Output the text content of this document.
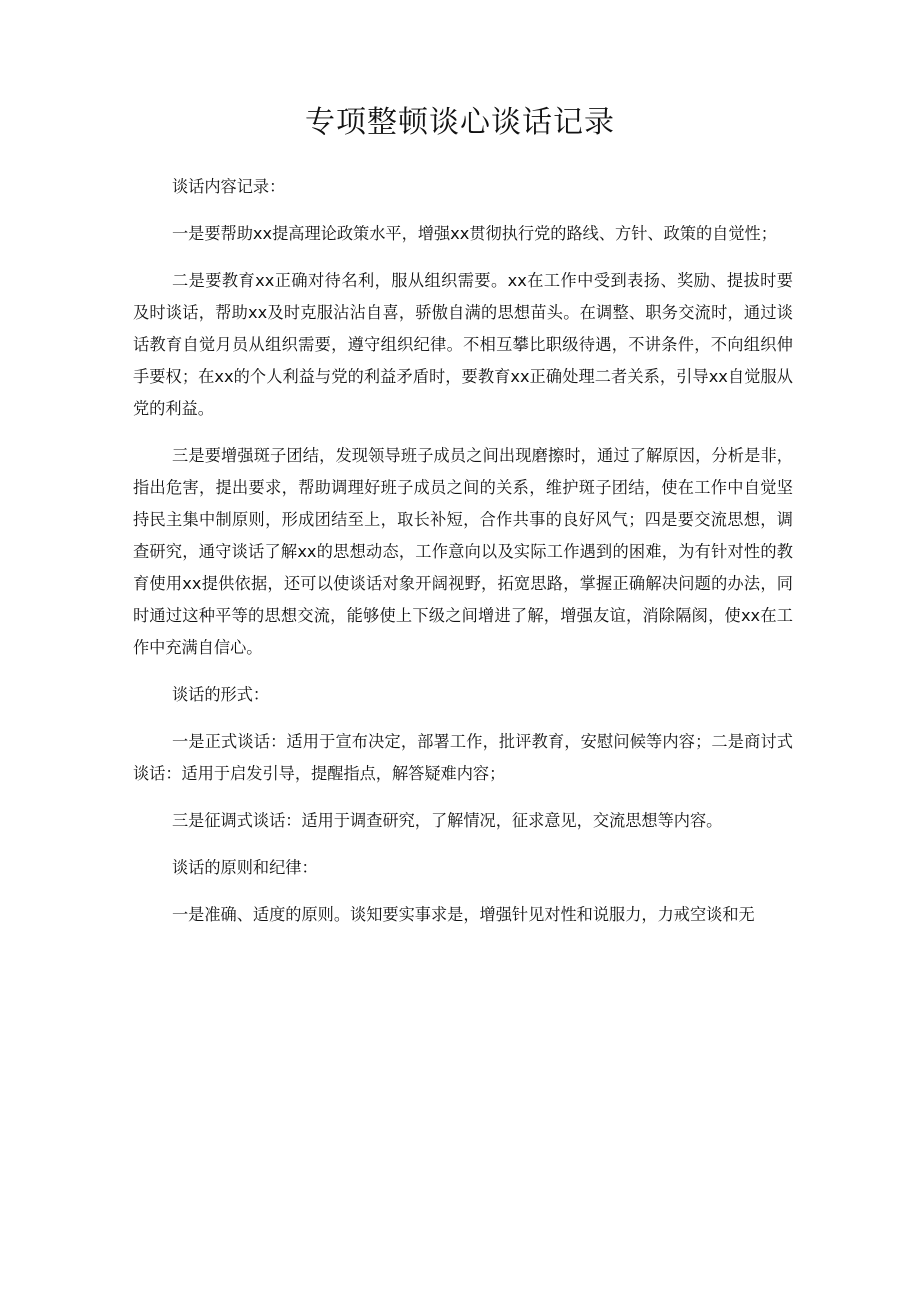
专项整顿谈心谈话记录

谈话内容记录：

一是要帮助xx提高理论政策水平，增强xx贯彻执行党的路线、方针、政策的自觉性；

二是要教育xx正确对待名利，服从组织需要。xx在工作中受到表扬、奖励、提拔时要及时谈话，帮助xx及时克服沾沾自喜，骄傲自满的思想苗头。在调整、职务交流时，通过谈话教育自觉月员从组织需要，遵守组织纪律。不相互攀比职级待遇，不讲条件，不向组织伸手要权；在xx的个人利益与党的利益矛盾时，要教育xx正确处理二者关系，引导xx自觉服从党的利益。

三是要增强斑子团结，发现领导班子成员之间出现磨擦时，通过了解原因，分析是非，指出危害，提出要求，帮助调理好班子成员之间的关系，维护斑子团结，使在工作中自觉坚持民主集中制原则，形成团结至上，取长补短，合作共事的良好风气；四是要交流思想，调查研究，通守谈话了解xx的思想动态，工作意向以及实际工作遇到的困难，为有针对性的教育使用xx提供依据，还可以使谈话对象开阔视野，拓宽思路，掌握正确解决问题的办法，同时通过这种平等的思想交流，能够使上下级之间增进了解，增强友谊，消除隔阂，使xx在工作中充满自信心。

谈话的形式：

一是正式谈话：适用于宣布决定，部署工作，批评教育，安慰问候等内容；二是商讨式谈话：适用于启发引导，提醒指点，解答疑难内容；

三是征调式谈话：适用于调查研究，了解情况，征求意见，交流思想等内容。

谈话的原则和纪律：

一是准确、适度的原则。谈知要实事求是，增强针见对性和说服力，力戒空谈和无
